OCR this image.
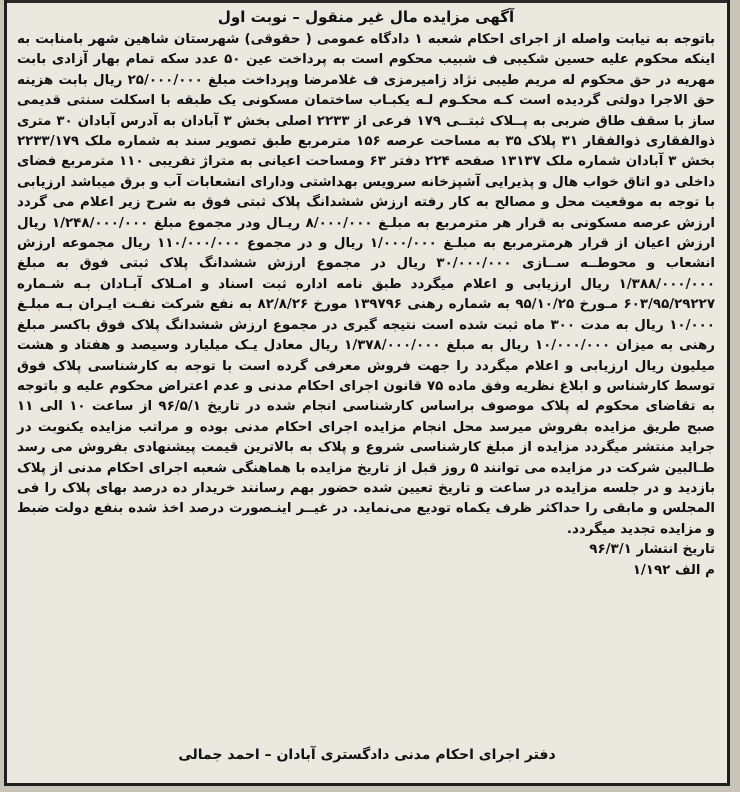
آگهی مزایده مال غیر منقول – نوبت اول

باتوجه به نیابت واصله از اجرای احکام شعبه ۱ دادگاه عمومی ( حقوقی) شهرستان شاهین شهر بامنابت به اینکه محکوم علیه حسین شکیبی ف شبیب محکوم است به پرداخت عین ۵۰ عدد سکه تمام بهار آزادی بابت مهریه در حق محکوم له مریم طیبی نژاد زامیرمزی ف غلامرضا وپرداخت مبلغ ۲۵/۰۰۰/۰۰۰ ریال بابت هزینه حق الاجرا دولتی گردیده است کـه محکـوم لـه یکبـاب ساختمان مسکونی یک طبقه با اسکلت سنتی قدیمی ساز با سقف طاق ضربی به پــلاک ثبتــی ۱۷۹ فرعی از ۲۲۳۳ اصلی بخش ۳ آبادان به آدرس آبادان ۳۰ متری ذوالفقاری ذوالفقار ۳۱ پلاک ۳۵ به مساحت عرصه ۱۵۶ مترمربع طبق تصویر سند به شماره ملک ۲۲۳۳/۱۷۹ بخش ۳ آبادان شماره ملک ۱۳۱۳۷ صفحه ۲۲۴ دفتر ۶۳ ومساحت اعیانی به متراژ تقریبی ۱۱۰ مترمربع فضای داخلی دو اتاق خواب هال و پذیرایی آشپزخانه سرویس بهداشتی ودارای انشعابات آب و برق میباشد ارزیابی با توجه به موقعیت محل و مصالح به کار رفته ارزش ششدانگ پلاک ثبتی فوق به شرح زیر اعلام می گردد ارزش عرصه مسکونی به قرار هر مترمربع به مبلـغ ۸/۰۰۰/۰۰۰ ریـال ودر مجموع مبلغ ۱/۲۴۸/۰۰۰/۰۰۰ ریال ارزش اعیان از قرار هرمترمربع به مبلـغ ۱/۰۰۰/۰۰۰ ریال و در مجموع ۱۱۰/۰۰۰/۰۰۰ ریال مجموعه ارزش انشعاب و محوطــه ســازی ۳۰/۰۰۰/۰۰۰ ریال در مجموع ارزش ششدانگ پلاک ثبتی فوق به مبلغ ۱/۳۸۸/۰۰۰/۰۰۰ ریال ارزیابی و اعلام میگردد طبق نامه اداره ثبت اسناد و امـلاک آبـادان بـه شـماره ۶۰۳/۹۵/۲۹۲۲۷ مـورخ ۹۵/۱۰/۲۵ به شماره رهنی ۱۳۹۷۹۶ مورخ ۸۲/۸/۲۶ به نفع شرکت نفـت ایـران بـه مبلـغ ۱۰/۰۰۰ ریال به مدت ۳۰۰ ماه ثبت شده است نتیجه گیری در مجموع ارزش ششدانگ پلاک فوق باکسر مبلغ رهنی به میزان ۱۰/۰۰۰/۰۰۰ ریال به مبلغ ۱/۳۷۸/۰۰۰/۰۰۰ ریال معادل یـک میلیارد وسیصد و هفتاد و هشت میلیون ریال ارزیابی و اعلام میگردد را جهت فروش معرفی گرده است با توجه به کارشناسی پلاک فوق توسط کارشناس و ابلاغ نظریه وفق ماده ۷۵ قانون اجرای احکام مدنی و عدم اعتراض محکوم علیه و باتوجه به تقاضای محکوم له پلاک موصوف براساس کارشناسی انجام شده در تاریخ ۹۶/۵/۱ از ساعت ۱۰ الی ۱۱ صبح طریق مزایده بفروش میرسد محل انجام مزایده اجرای احکام مدنی بوده و مراتب مزایده یکنوبت در جراید منتشر میگردد مزایده از مبلغ کارشناسی شروع و پلاک به بالاترین قیمت پیشنهادی بفروش می رسد طـالبین شرکت در مزایده می توانند ۵ روز قبل از تاریخ مزایده با هماهنگی شعبه اجرای احکام مدنی از پلاک بازدید و در جلسه مزایده در ساعت و تاریخ تعیین شده حضور بهم رسانند خریدار ده درصد بهای پلاک را فی المجلس و مابقی را حداکثر ظرف یکماه تودیع می‌نماید. در غیــر اینـصورت درصد اخذ شده بنفع دولت ضبط و مزایده تجدید میگردد.

تاریخ انتشار ۹۶/۳/۱

م الف ۱/۱۹۲

دفتر اجرای احکام مدنی دادگستری آبادان – احمد جمالی
